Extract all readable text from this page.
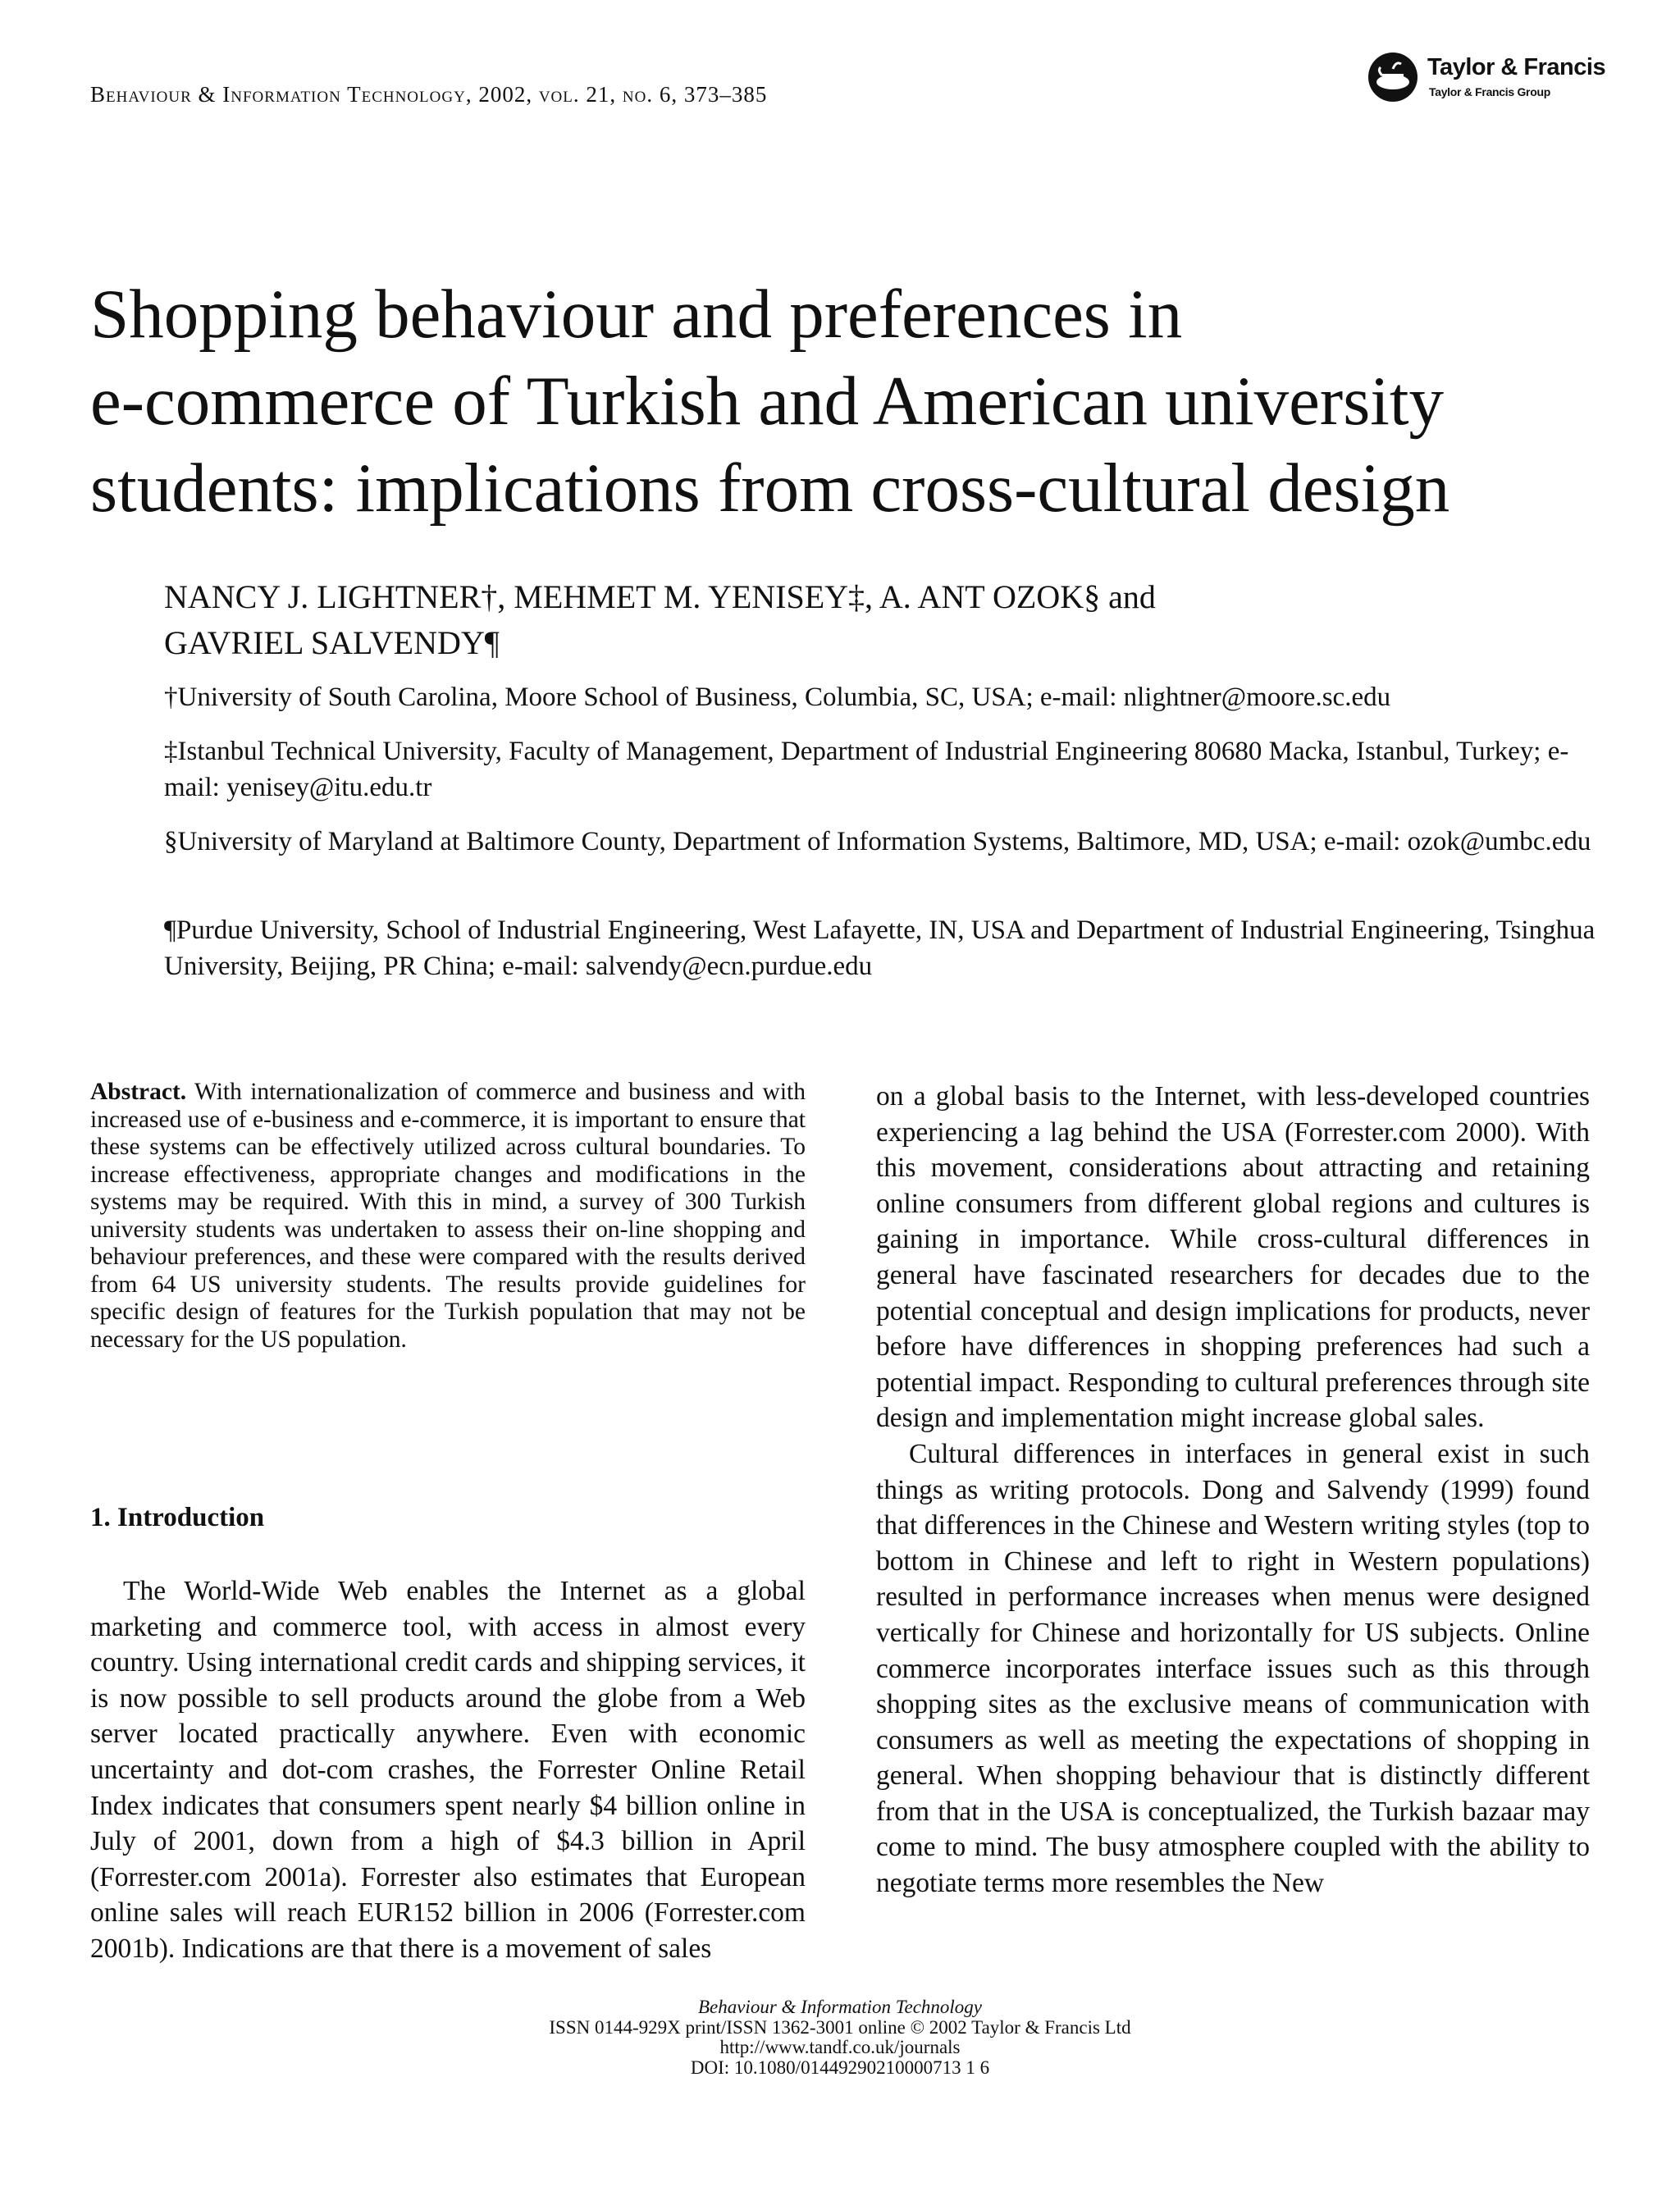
Behaviour & Information Technology, 2002, vol. 21, no. 6, 373–385
Taylor & Francis
Taylor & Francis Group
Shopping behaviour and preferences in
e-commerce of Turkish and American university
students: implications from cross-cultural design
NANCY J. LIGHTNER†, MEHMET M. YENISEY‡, A. ANT OZOK§ and
GAVRIEL SALVENDY¶
†University of South Carolina, Moore School of Business, Columbia, SC, USA; e-mail: nlightner@moore.sc.edu
‡Istanbul Technical University, Faculty of Management, Department of Industrial Engineering 80680 Macka, Istanbul, Turkey; e-mail: yenisey@itu.edu.tr
§University of Maryland at Baltimore County, Department of Information Systems, Baltimore, MD, USA; e-mail: ozok@umbc.edu
¶Purdue University, School of Industrial Engineering, West Lafayette, IN, USA and Department of Industrial Engineering, Tsinghua University, Beijing, PR China; e-mail: salvendy@ecn.purdue.edu
Abstract. With internationalization of commerce and business and with increased use of e-business and e-commerce, it is important to ensure that these systems can be effectively utilized across cultural boundaries. To increase effectiveness, appropriate changes and modifications in the systems may be required. With this in mind, a survey of 300 Turkish university students was undertaken to assess their on-line shopping and behaviour preferences, and these were compared with the results derived from 64 US university students. The results provide guidelines for specific design of features for the Turkish population that may not be necessary for the US population.
1. Introduction

The World-Wide Web enables the Internet as a global marketing and commerce tool, with access in almost every country. Using international credit cards and shipping services, it is now possible to sell products around the globe from a Web server located practically anywhere. Even with economic uncertainty and dot-com crashes, the Forrester Online Retail Index indicates that consumers spent nearly $4 billion online in July of 2001, down from a high of $4.3 billion in April (Forrester.com 2001a). Forrester also estimates that European online sales will reach EUR152 billion in 2006 (Forrester.com 2001b). Indications are that there is a movement of sales

on a global basis to the Internet, with less-developed countries experiencing a lag behind the USA (Forrester.com 2000). With this movement, considerations about attracting and retaining online consumers from different global regions and cultures is gaining in importance. While cross-cultural differences in general have fascinated researchers for decades due to the potential conceptual and design implications for products, never before have differences in shopping preferences had such a potential impact. Responding to cultural preferences through site design and implementation might increase global sales.

Cultural differences in interfaces in general exist in such things as writing protocols. Dong and Salvendy (1999) found that differences in the Chinese and Western writing styles (top to bottom in Chinese and left to right in Western populations) resulted in performance increases when menus were designed vertically for Chinese and horizontally for US subjects. Online commerce incorporates interface issues such as this through shopping sites as the exclusive means of communication with consumers as well as meeting the expectations of shopping in general. When shopping behaviour that is distinctly different from that in the USA is conceptualized, the Turkish bazaar may come to mind. The busy atmosphere coupled with the ability to negotiate terms more resembles the New

Behaviour & Information Technology
ISSN 0144-929X print/ISSN 1362-3001 online © 2002 Taylor & Francis Ltd
http://www.tandf.co.uk/journals
DOI: 10.1080/01449290210000713 1 6
